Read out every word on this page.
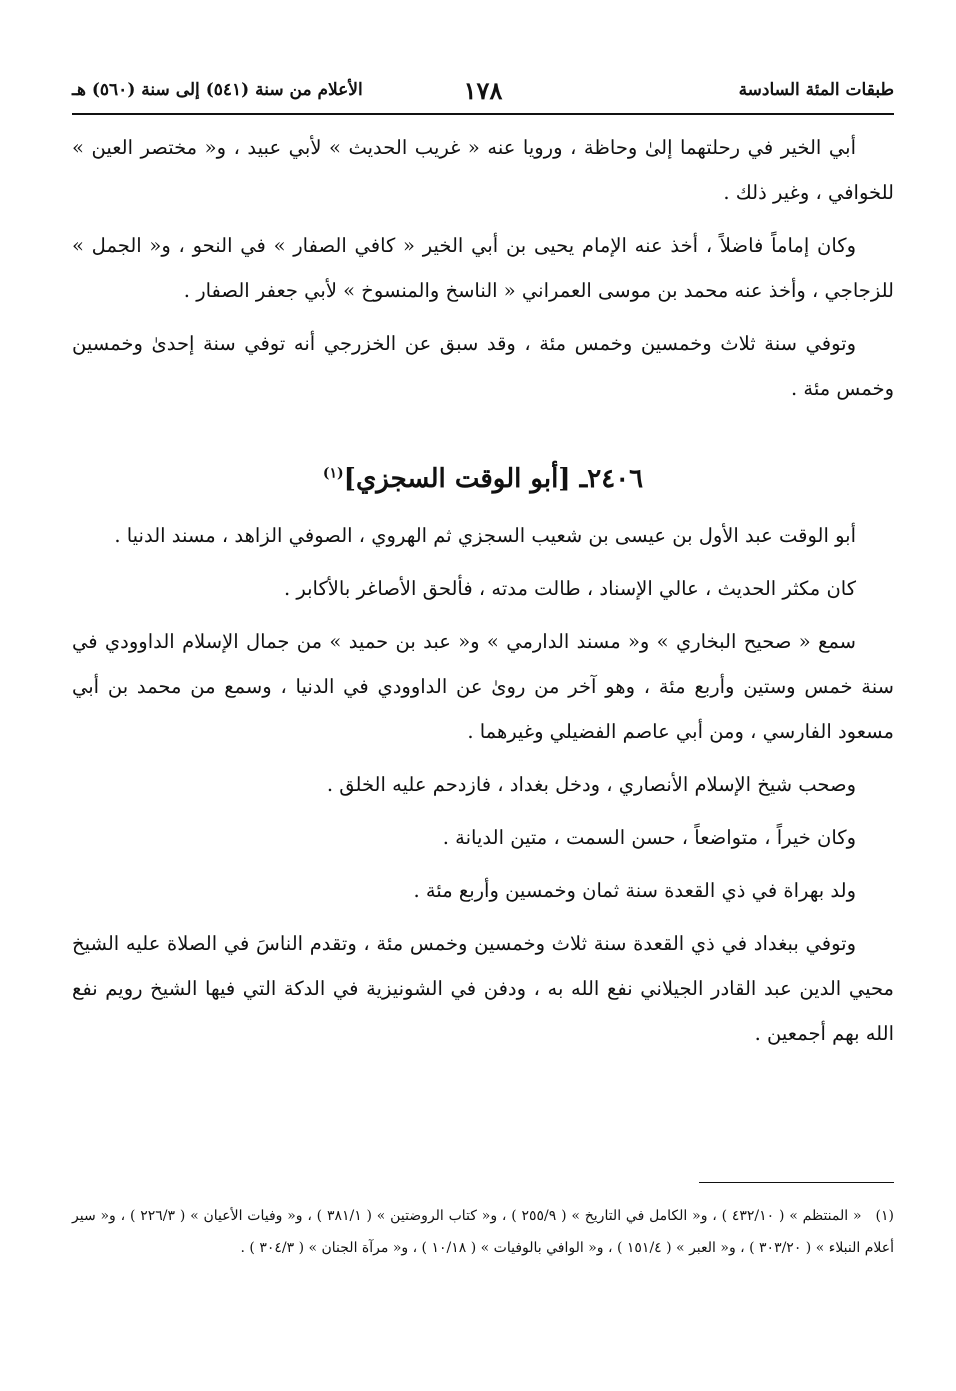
طبقات المئة السادسة
١٧٨
الأعلام من سنة (٥٤١) إلى سنة (٥٦٠) هـ

أبي الخير في رحلتهما إلىٰ وحاظة ، ورويا عنه « غريب الحديث » لأبي عبيد ، و« مختصر العين » للخوافي ، وغير ذلك .

وكان إماماً فاضلاً ، أخذ عنه الإمام يحيى بن أبي الخير « كافي الصفار » في النحو ، و« الجمل » للزجاجي ، وأخذ عنه محمد بن موسى العمراني « الناسخ والمنسوخ » لأبي جعفر الصفار .

وتوفي سنة ثلاث وخمسين وخمس مئة ، وقد سبق عن الخزرجي أنه توفي سنة إحدىٰ وخمسين وخمس مئة .

٢٤٠٦ـ [أبو الوقت السجزي]$^{(١)}$

أبو الوقت عبد الأول بن عيسى بن شعيب السجزي ثم الهروي ، الصوفي الزاهد ، مسند الدنيا .

كان مكثر الحديث ، عالي الإسناد ، طالت مدته ، فألحق الأصاغر بالأكابر .

سمع « صحيح البخاري » و« مسند الدارمي » و« عبد بن حميد » من جمال الإسلام الداوودي في سنة خمس وستين وأربع مئة ، وهو آخر من روىٰ عن الداوودي في الدنيا ، وسمع من محمد بن أبي مسعود الفارسي ، ومن أبي عاصم الفضيلي وغيرهما .

وصحب شيخ الإسلام الأنصاري ، ودخل بغداد ، فازدحم عليه الخلق .

وكان خيراً ، متواضعاً ، حسن السمت ، متين الديانة .

ولد بهراة في ذي القعدة سنة ثمان وخمسين وأربع مئة .

وتوفي ببغداد في ذي القعدة سنة ثلاث وخمسين وخمس مئة ، وتقدم الناسَ في الصلاة عليه الشيخ محيي الدين عبد القادر الجيلاني نفع الله به ، ودفن في الشونيزية في الدكة التي فيها الشيخ رويم نفع الله بهم أجمعين .

(١)« المنتظم » ( ٤٣٢/١٠ ) ، و« الكامل في التاريخ » ( ٢٥٥/٩ ) ، و« كتاب الروضتين » ( ٣٨١/١ ) ، و« وفيات الأعيان » ( ٢٢٦/٣ ) ، و« سير أعلام النبلاء » ( ٣٠٣/٢٠ ) ، و« العبر » ( ١٥١/٤ ) ، و« الوافي بالوفيات » ( ١٠/١٨ ) ، و« مرآة الجنان » ( ٣٠٤/٣ ) .
